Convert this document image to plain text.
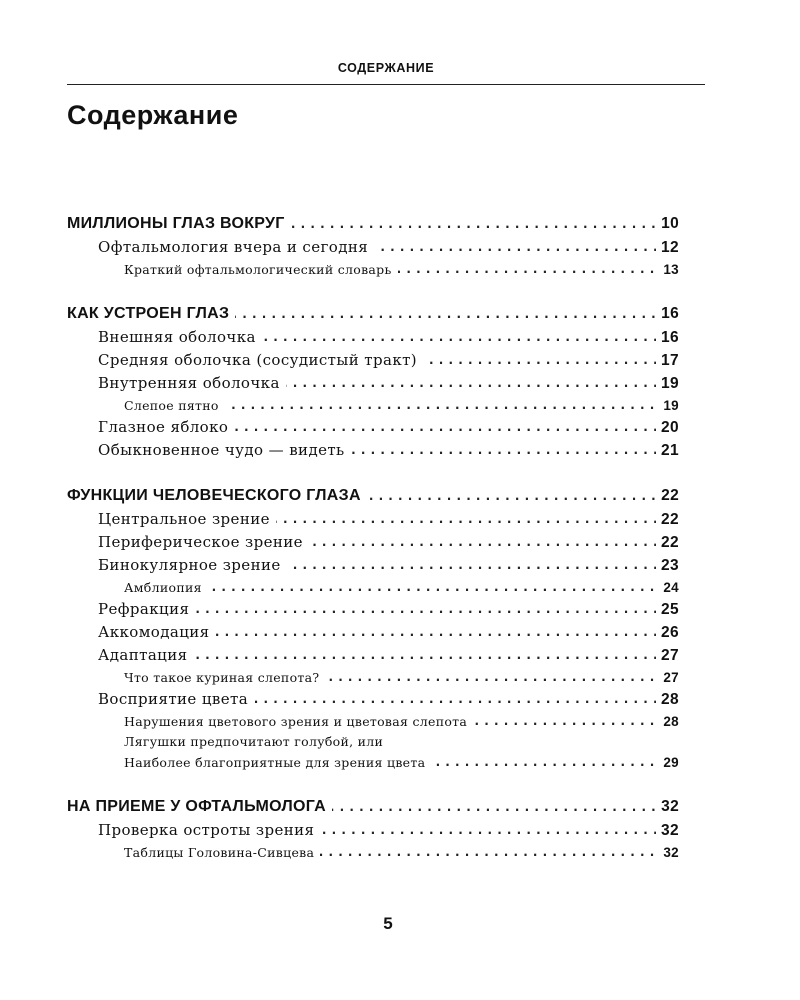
СОДЕРЖАНИЕ
Содержание
МИЛЛИОНЫ ГЛАЗ ВОКРУГ	10
. . .
Офтальмология вчера и сегодня	12
. . .
Краткий офтальмологический словарь	13
. . .
КАК УСТРОЕН ГЛАЗ	16
. . .
Внешняя оболочка	16
. . .
Средняя оболочка (сосудистый тракт)	17
. . .
Внутренняя оболочка	19
. . .
Слепое пятно	19
. . .
Глазное яблоко	20
. . .
Обыкновенное чудо — видеть	21
. . .
ФУНКЦИИ ЧЕЛОВЕЧЕСКОГО ГЛАЗА	22
. . .
Центральное зрение	22
. . .
Периферическое зрение	22
. . .
Бинокулярное зрение	23
. . .
Амблиопия	24
. . .
Рефракция	25
. . .
Аккомодация	26
. . .
Адаптация	27
. . .
Что такое куриная слепота?	27
. . .
Восприятие цвета	28
. . .
Нарушения цветового зрения и цветовая слепота	28
. . .
Лягушки предпочитают голубой, или
Наиболее благоприятные для зрения цвета	29
. . .
НА ПРИЕМЕ У ОФТАЛЬМОЛОГА	32
. . .
Проверка остроты зрения	32
. . .
Таблицы Головина-Сивцева	32
. . .
5
